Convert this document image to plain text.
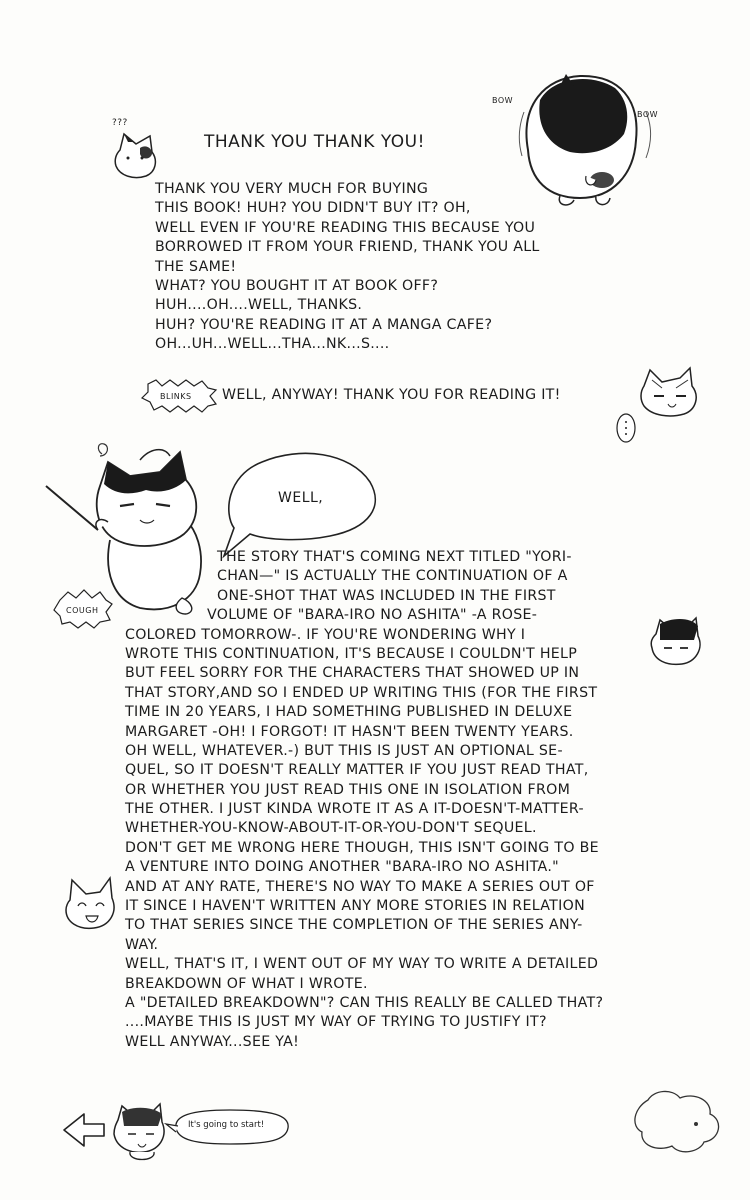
BOW
BOW
???
THANK YOU THANK YOU!
THANK YOU VERY MUCH FOR BUYING
THIS BOOK! HUH? YOU DIDN'T BUY IT? OH,
WELL EVEN IF YOU'RE READING THIS BECAUSE YOU
BORROWED IT FROM YOUR FRIEND, THANK YOU ALL
THE SAME!
WHAT? YOU BOUGHT IT AT BOOK OFF?
HUH....OH....WELL, THANKS.
HUH? YOU'RE READING IT AT A MANGA CAFE?
OH...UH...WELL...THA...NK...S....
BLINKS WELL, ANYWAY! THANK YOU FOR READING IT!
COUGH
WELL,
THE STORY THAT'S COMING NEXT TITLED "YORI-
CHAN—" IS ACTUALLY THE CONTINUATION OF A
ONE-SHOT THAT WAS INCLUDED IN THE FIRST
VOLUME OF "BARA-IRO NO ASHITA" -A ROSE-
COLORED TOMORROW-. IF YOU'RE WONDERING WHY I
WROTE THIS CONTINUATION, IT'S BECAUSE I COULDN'T HELP
BUT FEEL SORRY FOR THE CHARACTERS THAT SHOWED UP IN
THAT STORY,AND SO I ENDED UP WRITING THIS (FOR THE FIRST
TIME IN 20 YEARS, I HAD SOMETHING PUBLISHED IN DELUXE
MARGARET -OH! I FORGOT! IT HASN'T BEEN TWENTY YEARS.
OH WELL, WHATEVER.-) BUT THIS IS JUST AN OPTIONAL SE-
QUEL, SO IT DOESN'T REALLY MATTER IF YOU JUST READ THAT,
OR WHETHER YOU JUST READ THIS ONE IN ISOLATION FROM
THE OTHER. I JUST KINDA WROTE IT AS A IT-DOESN'T-MATTER-
WHETHER-YOU-KNOW-ABOUT-IT-OR-YOU-DON'T SEQUEL.
DON'T GET ME WRONG HERE THOUGH, THIS ISN'T GOING TO BE
A VENTURE INTO DOING ANOTHER "BARA-IRO NO ASHITA."
AND AT ANY RATE, THERE'S NO WAY TO MAKE A SERIES OUT OF
IT SINCE I HAVEN'T WRITTEN ANY MORE STORIES IN RELATION
TO THAT SERIES SINCE THE COMPLETION OF THE SERIES ANY-
WAY.
WELL, THAT'S IT, I WENT OUT OF MY WAY TO WRITE A DETAILED
BREAKDOWN OF WHAT I WROTE.
A "DETAILED BREAKDOWN"? CAN THIS REALLY BE CALLED THAT?
....MAYBE THIS IS JUST MY WAY OF TRYING TO JUSTIFY IT?
WELL ANYWAY...SEE YA!
It's going to start!
